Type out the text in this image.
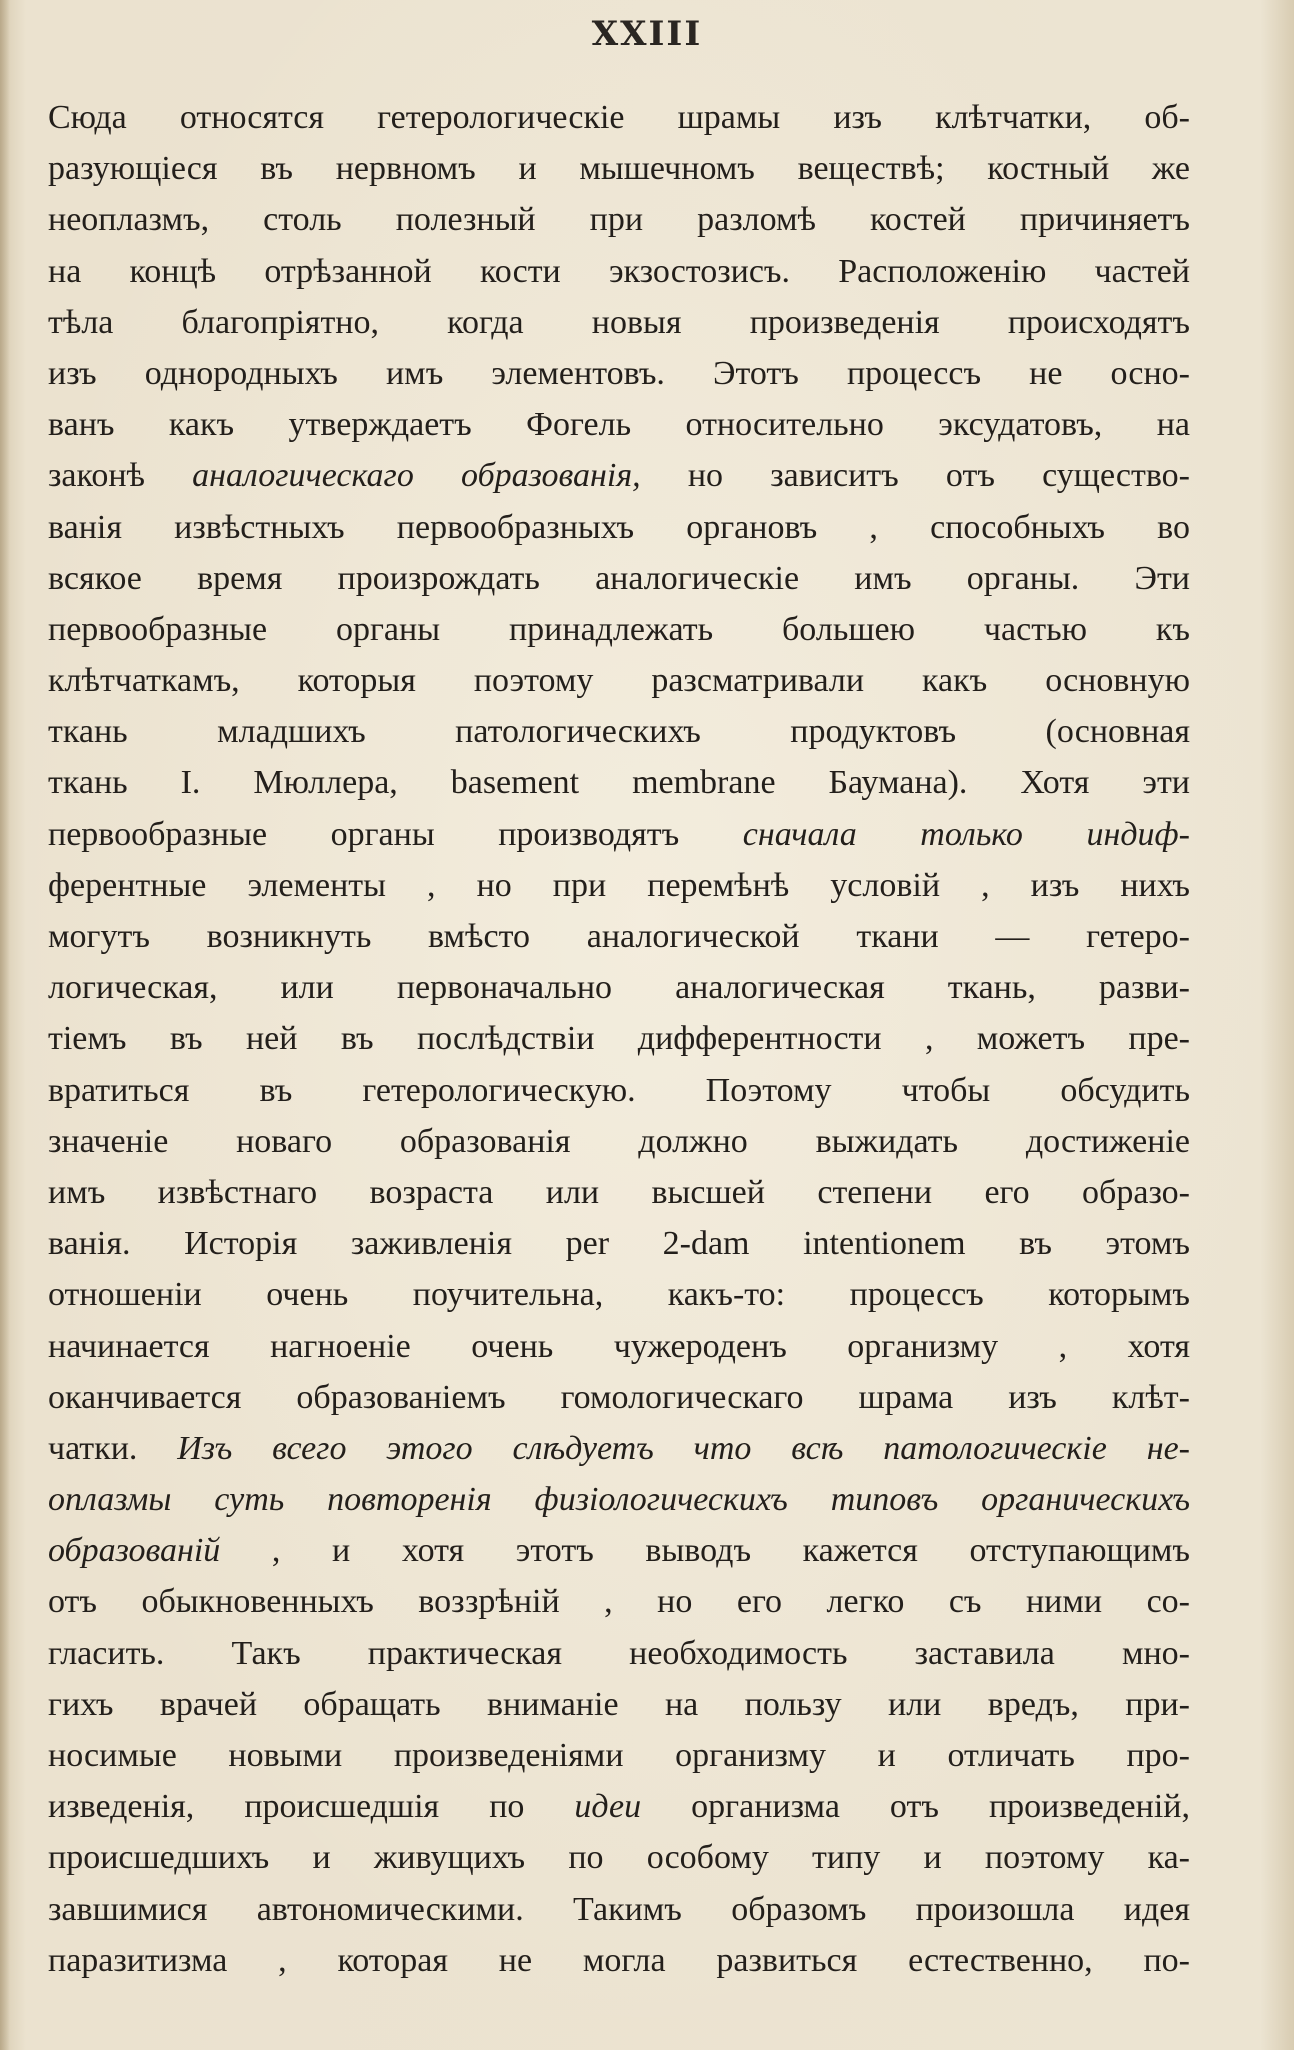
XXIII
Сюда относятся гетерологическіе шрамы изъ клѣтчатки, об-
разующіеся въ нервномъ и мышечномъ веществѣ; костный же
неоплазмъ, столь полезный при разломѣ костей причиняетъ
на концѣ отрѣзанной кости экзостозисъ. Расположенію частей
тѣла благопріятно, когда новыя произведенія происходятъ
изъ однородныхъ имъ элементовъ. Этотъ процессъ не осно-
ванъ какъ утверждаетъ Фогель относительно эксудатовъ, на
законѣ аналогическаго образованія, но зависитъ отъ существо-
ванія извѣстныхъ первообразныхъ органовъ , способныхъ во
всякое время произрождать аналогическіе имъ органы. Эти
первообразные органы принадлежать большею частью къ
клѣтчаткамъ, которыя поэтому разсматривали какъ основную
ткань младшихъ патологическихъ продуктовъ (основная
ткань I. Мюллера, basement membrane Баумана). Хотя эти
первообразные органы производятъ сначала только индиф-
ферентные элементы , но при перемѣнѣ условій , изъ нихъ
могутъ возникнуть вмѣсто аналогической ткани — гетеро-
логическая, или первоначально аналогическая ткань, разви-
тіемъ въ ней въ послѣдствіи дифферентности , можетъ пре-
вратиться въ гетерологическую. Поэтому чтобы обсудить
значеніе новаго образованія должно выжидать достиженіе
имъ извѣстнаго возраста или высшей степени его образо-
ванія. Исторія заживленія per 2-dam intentionem въ этомъ
отношеніи очень поучительна, какъ-то: процессъ которымъ
начинается нагноеніе очень чужероденъ организму , хотя
оканчивается образованіемъ гомологическаго шрама изъ клѣт-
чатки. Изъ всего этого слѣдуетъ что всѣ патологическіе не-
оплазмы суть повторенія физіологическихъ типовъ органическихъ
образованій , и хотя этотъ выводъ кажется отступающимъ
отъ обыкновенныхъ воззрѣній , но его легко съ ними со-
гласить. Такъ практическая необходимость заставила мно-
гихъ врачей обращать вниманіе на пользу или вредъ, при-
носимые новыми произведеніями организму и отличать про-
изведенія, происшедшія по идеи организма отъ произведеній,
происшедшихъ и живущихъ по особому типу и поэтому ка-
завшимися автономическими. Такимъ образомъ произошла идея
паразитизма , которая не могла развиться естественно, по-
